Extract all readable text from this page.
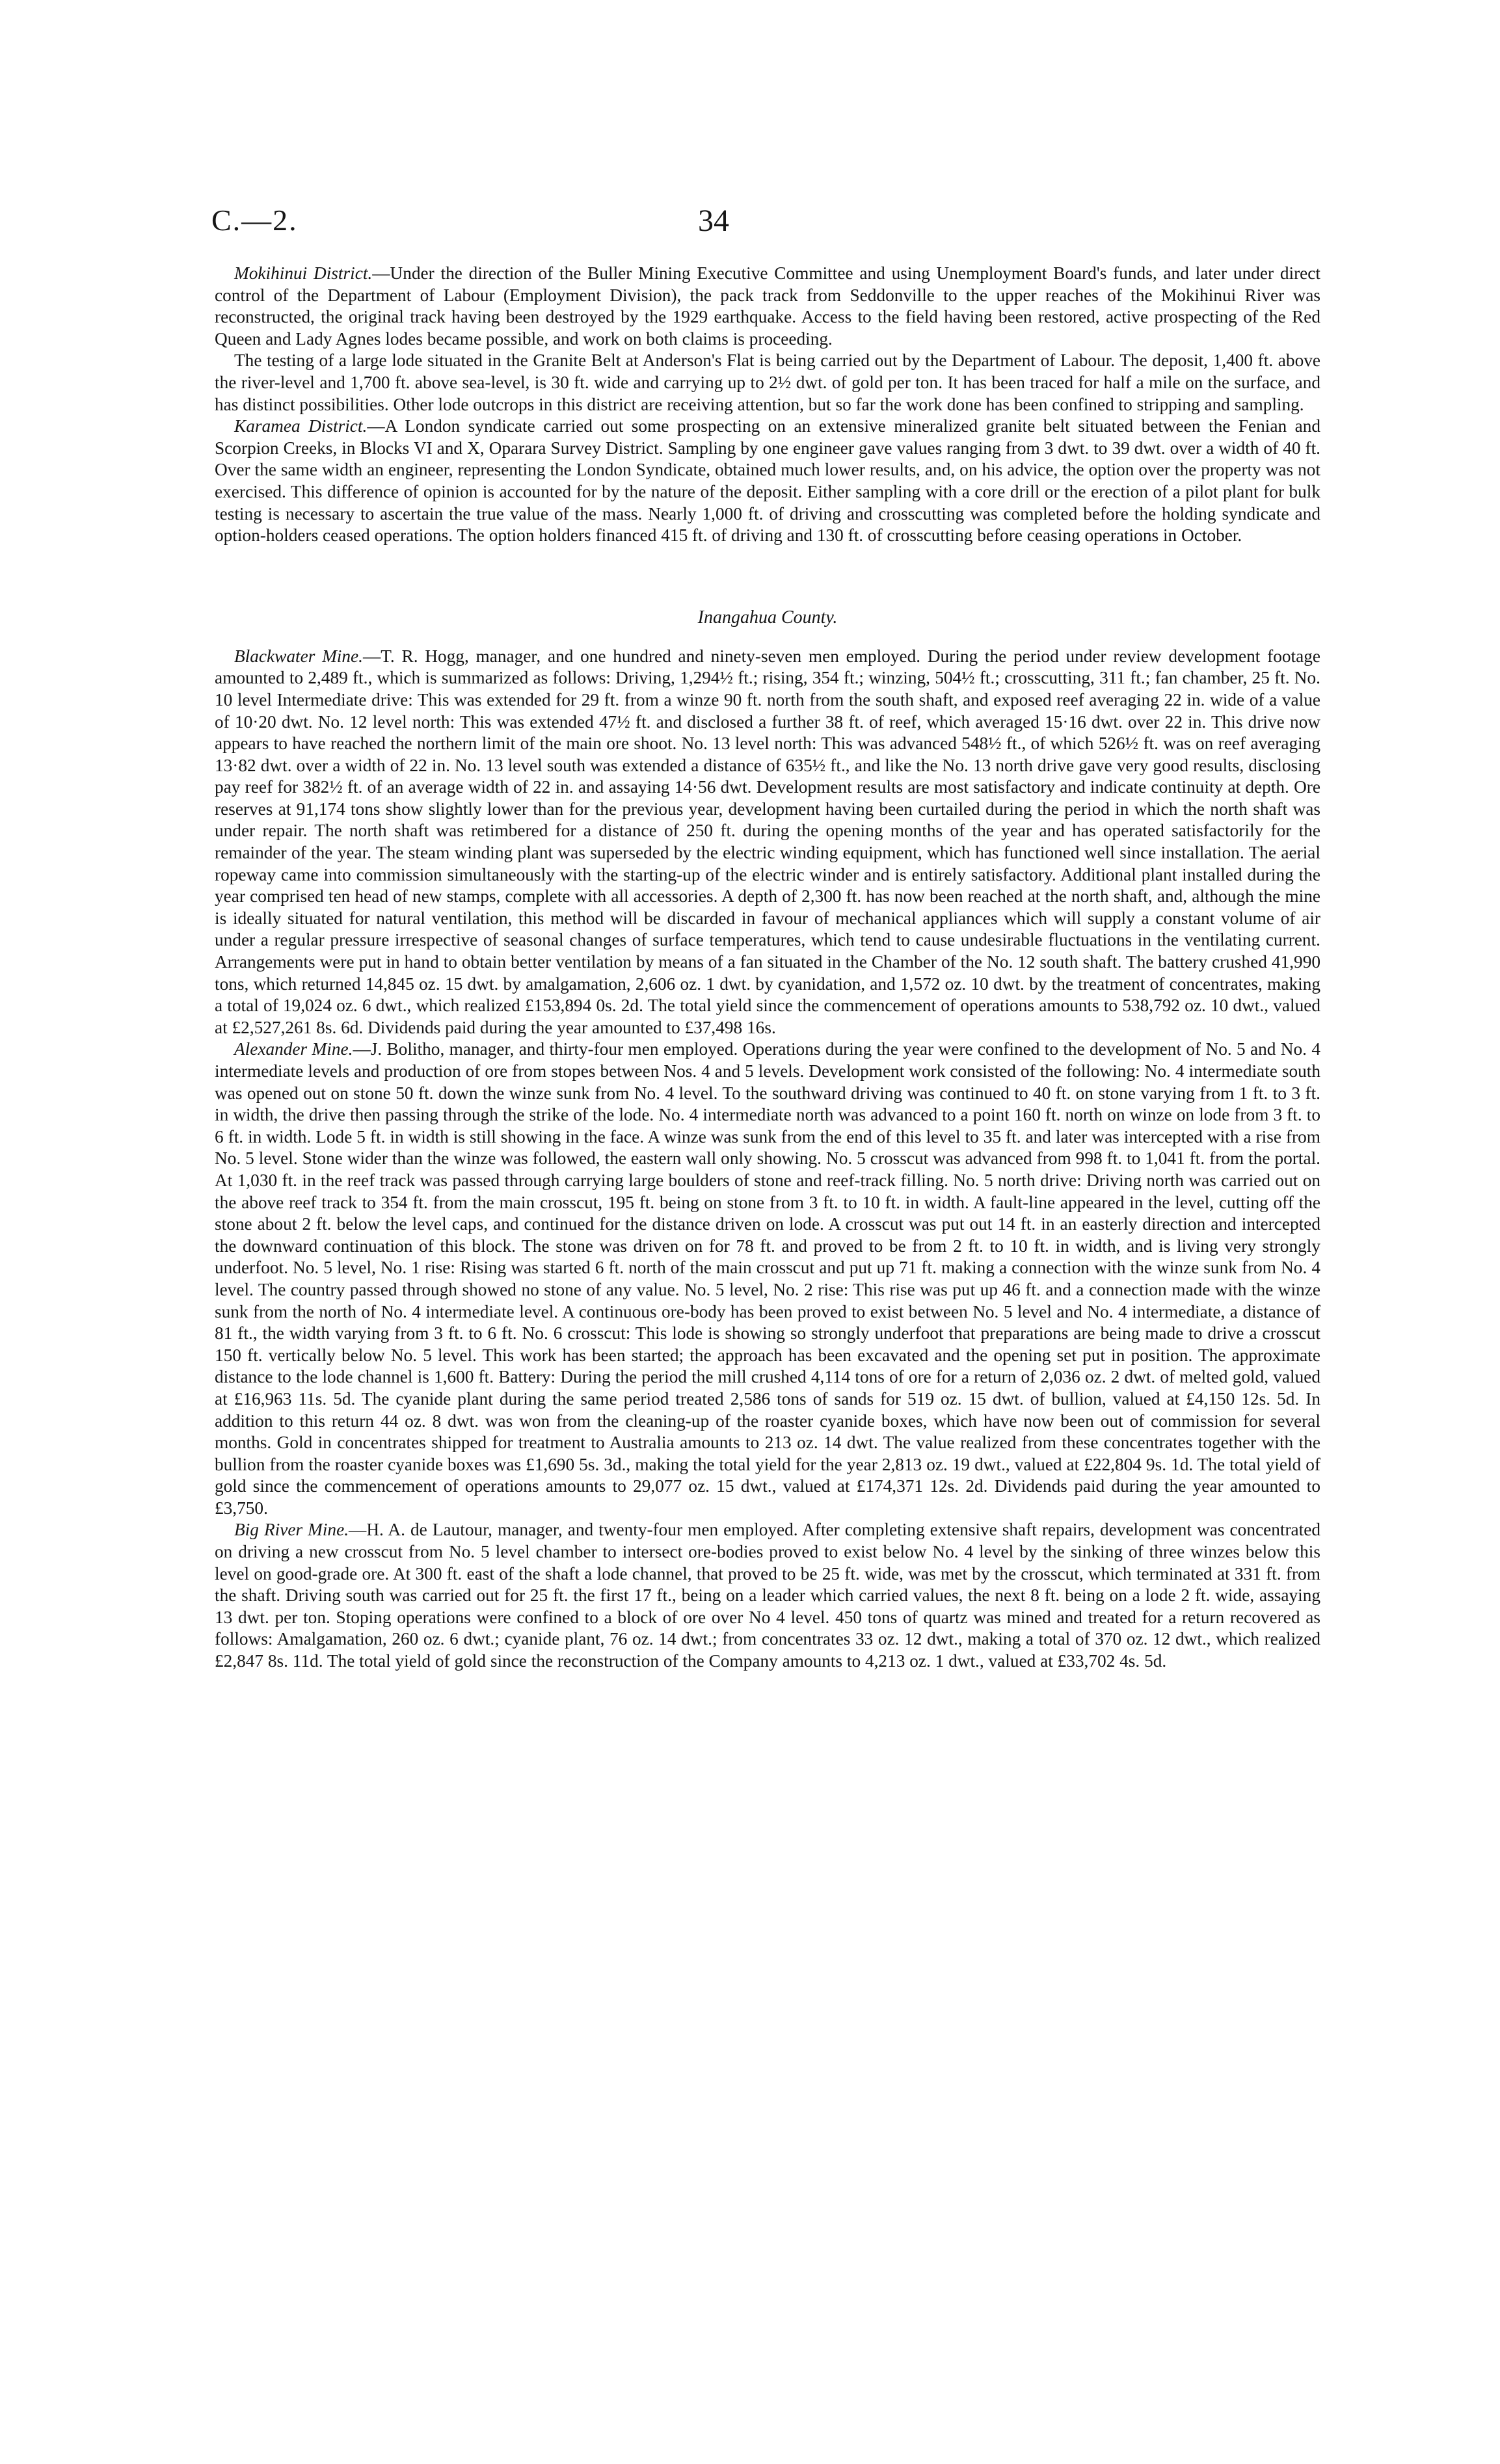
C.—2.	34

Mokihinui District.—Under the direction of the Buller Mining Executive Committee and using Unemployment Board's funds, and later under direct control of the Department of Labour (Employment Division), the pack track from Seddonville to the upper reaches of the Mokihinui River was reconstructed, the original track having been destroyed by the 1929 earthquake. Access to the field having been restored, active prospecting of the Red Queen and Lady Agnes lodes became possible, and work on both claims is proceeding.

The testing of a large lode situated in the Granite Belt at Anderson's Flat is being carried out by the Department of Labour. The deposit, 1,400 ft. above the river-level and 1,700 ft. above sea-level, is 30 ft. wide and carrying up to 2½ dwt. of gold per ton. It has been traced for half a mile on the surface, and has distinct possibilities. Other lode outcrops in this district are receiving attention, but so far the work done has been confined to stripping and sampling.

Karamea District.—A London syndicate carried out some prospecting on an extensive mineralized granite belt situated between the Fenian and Scorpion Creeks, in Blocks VI and X, Oparara Survey District. Sampling by one engineer gave values ranging from 3 dwt. to 39 dwt. over a width of 40 ft. Over the same width an engineer, representing the London Syndicate, obtained much lower results, and, on his advice, the option over the property was not exercised. This difference of opinion is accounted for by the nature of the deposit. Either sampling with a core drill or the erection of a pilot plant for bulk testing is necessary to ascertain the true value of the mass. Nearly 1,000 ft. of driving and crosscutting was completed before the holding syndicate and option-holders ceased operations. The option holders financed 415 ft. of driving and 130 ft. of crosscutting before ceasing operations in October.

Inangahua County.

Blackwater Mine.—T. R. Hogg, manager, and one hundred and ninety-seven men employed. During the period under review development footage amounted to 2,489 ft., which is summarized as follows: Driving, 1,294½ ft.; rising, 354 ft.; winzing, 504½ ft.; crosscutting, 311 ft.; fan chamber, 25 ft. No. 10 level Intermediate drive: This was extended for 29 ft. from a winze 90 ft. north from the south shaft, and exposed reef averaging 22 in. wide of a value of 10·20 dwt. No. 12 level north: This was extended 47½ ft. and disclosed a further 38 ft. of reef, which averaged 15·16 dwt. over 22 in. This drive now appears to have reached the northern limit of the main ore shoot. No. 13 level north: This was advanced 548½ ft., of which 526½ ft. was on reef averaging 13·82 dwt. over a width of 22 in. No. 13 level south was extended a distance of 635½ ft., and like the No. 13 north drive gave very good results, disclosing pay reef for 382½ ft. of an average width of 22 in. and assaying 14·56 dwt. Development results are most satisfactory and indicate continuity at depth. Ore reserves at 91,174 tons show slightly lower than for the previous year, development having been curtailed during the period in which the north shaft was under repair. The north shaft was retimbered for a distance of 250 ft. during the opening months of the year and has operated satisfactorily for the remainder of the year. The steam winding plant was superseded by the electric winding equipment, which has functioned well since installation. The aerial ropeway came into commission simultaneously with the starting-up of the electric winder and is entirely satisfactory. Additional plant installed during the year comprised ten head of new stamps, complete with all accessories. A depth of 2,300 ft. has now been reached at the north shaft, and, although the mine is ideally situated for natural ventilation, this method will be discarded in favour of mechanical appliances which will supply a constant volume of air under a regular pressure irrespective of seasonal changes of surface temperatures, which tend to cause undesirable fluctuations in the ventilating current. Arrangements were put in hand to obtain better ventilation by means of a fan situated in the Chamber of the No. 12 south shaft. The battery crushed 41,990 tons, which returned 14,845 oz. 15 dwt. by amalgamation, 2,606 oz. 1 dwt. by cyanidation, and 1,572 oz. 10 dwt. by the treatment of concentrates, making a total of 19,024 oz. 6 dwt., which realized £153,894 0s. 2d. The total yield since the commencement of operations amounts to 538,792 oz. 10 dwt., valued at £2,527,261 8s. 6d. Dividends paid during the year amounted to £37,498 16s.

Alexander Mine.—J. Bolitho, manager, and thirty-four men employed. Operations during the year were confined to the development of No. 5 and No. 4 intermediate levels and production of ore from stopes between Nos. 4 and 5 levels. Development work consisted of the following: No. 4 intermediate south was opened out on stone 50 ft. down the winze sunk from No. 4 level. To the southward driving was continued to 40 ft. on stone varying from 1 ft. to 3 ft. in width, the drive then passing through the strike of the lode. No. 4 intermediate north was advanced to a point 160 ft. north on winze on lode from 3 ft. to 6 ft. in width. Lode 5 ft. in width is still showing in the face. A winze was sunk from the end of this level to 35 ft. and later was intercepted with a rise from No. 5 level. Stone wider than the winze was followed, the eastern wall only showing. No. 5 crosscut was advanced from 998 ft. to 1,041 ft. from the portal. At 1,030 ft. in the reef track was passed through carrying large boulders of stone and reef-track filling. No. 5 north drive: Driving north was carried out on the above reef track to 354 ft. from the main crosscut, 195 ft. being on stone from 3 ft. to 10 ft. in width. A fault-line appeared in the level, cutting off the stone about 2 ft. below the level caps, and continued for the distance driven on lode. A crosscut was put out 14 ft. in an easterly direction and intercepted the downward continuation of this block. The stone was driven on for 78 ft. and proved to be from 2 ft. to 10 ft. in width, and is living very strongly underfoot. No. 5 level, No. 1 rise: Rising was started 6 ft. north of the main crosscut and put up 71 ft. making a connection with the winze sunk from No. 4 level. The country passed through showed no stone of any value. No. 5 level, No. 2 rise: This rise was put up 46 ft. and a connection made with the winze sunk from the north of No. 4 intermediate level. A continuous ore-body has been proved to exist between No. 5 level and No. 4 intermediate, a distance of 81 ft., the width varying from 3 ft. to 6 ft. No. 6 crosscut: This lode is showing so strongly underfoot that preparations are being made to drive a crosscut 150 ft. vertically below No. 5 level. This work has been started; the approach has been excavated and the opening set put in position. The approximate distance to the lode channel is 1,600 ft. Battery: During the period the mill crushed 4,114 tons of ore for a return of 2,036 oz. 2 dwt. of melted gold, valued at £16,963 11s. 5d. The cyanide plant during the same period treated 2,586 tons of sands for 519 oz. 15 dwt. of bullion, valued at £4,150 12s. 5d. In addition to this return 44 oz. 8 dwt. was won from the cleaning-up of the roaster cyanide boxes, which have now been out of commission for several months. Gold in concentrates shipped for treatment to Australia amounts to 213 oz. 14 dwt. The value realized from these concentrates together with the bullion from the roaster cyanide boxes was £1,690 5s. 3d., making the total yield for the year 2,813 oz. 19 dwt., valued at £22,804 9s. 1d. The total yield of gold since the commencement of operations amounts to 29,077 oz. 15 dwt., valued at £174,371 12s. 2d. Dividends paid during the year amounted to £3,750.

Big River Mine.—H. A. de Lautour, manager, and twenty-four men employed. After completing extensive shaft repairs, development was concentrated on driving a new crosscut from No. 5 level chamber to intersect ore-bodies proved to exist below No. 4 level by the sinking of three winzes below this level on good-grade ore. At 300 ft. east of the shaft a lode channel, that proved to be 25 ft. wide, was met by the crosscut, which terminated at 331 ft. from the shaft. Driving south was carried out for 25 ft. the first 17 ft., being on a leader which carried values, the next 8 ft. being on a lode 2 ft. wide, assaying 13 dwt. per ton. Stoping operations were confined to a block of ore over No 4 level. 450 tons of quartz was mined and treated for a return recovered as follows: Amalgamation, 260 oz. 6 dwt.; cyanide plant, 76 oz. 14 dwt.; from concentrates 33 oz. 12 dwt., making a total of 370 oz. 12 dwt., which realized £2,847 8s. 11d. The total yield of gold since the reconstruction of the Company amounts to 4,213 oz. 1 dwt., valued at £33,702 4s. 5d.
